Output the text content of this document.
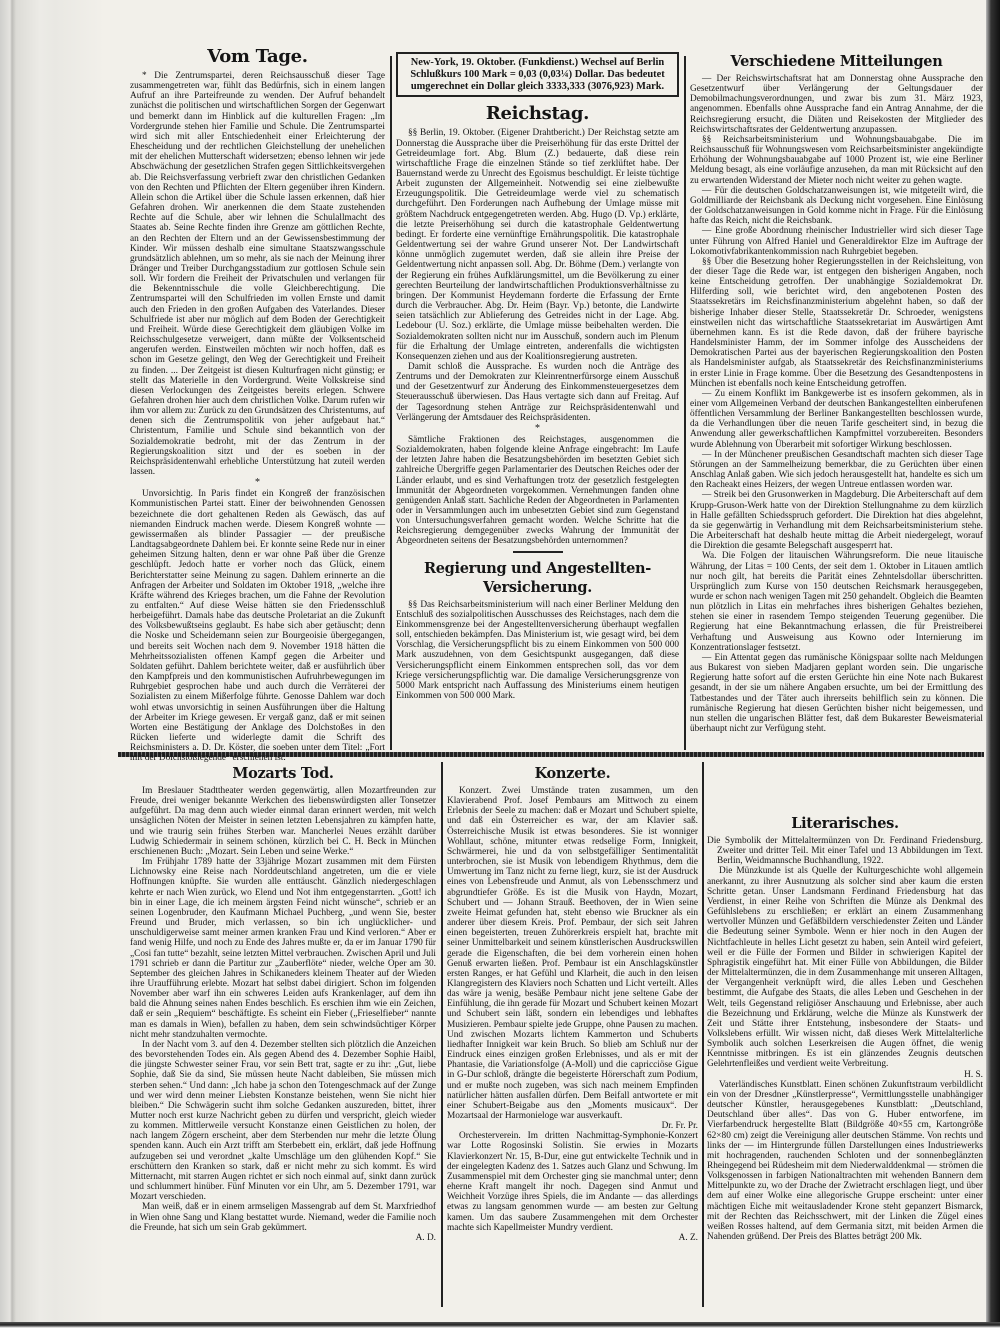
Vom Tage.

* Die Zentrumspartei, deren Reichsausschuß dieser Tage zusammengetreten war, fühlt das Bedürfnis, sich in einem langen Aufruf an ihre Parteifreunde zu wenden. Der Aufruf behandelt zunächst die politischen und wirtschaftlichen Sorgen der Gegenwart und bemerkt dann im Hinblick auf die kulturellen Fragen: „Im Vordergrunde stehen hier Familie und Schule. Die Zentrumspartei wird sich mit aller Entschiedenheit einer Erleichterung der Ehescheidung und der rechtlichen Gleichstellung der unehelichen mit der ehelichen Mutterschaft widersetzen; ebenso lehnen wir jede Abschwächung der gesetzlichen Strafen gegen Sittlichkeitsvergehen ab. Die Reichsverfassung verbrieft zwar den christlichen Gedanken von den Rechten und Pflichten der Eltern gegenüber ihren Kindern. Allein schon die Artikel über die Schule lassen erkennen, daß hier Gefahren drohen. Wir anerkennen die dem Staate zustehenden Rechte auf die Schule, aber wir lehnen die Schulallmacht des Staates ab. Seine Rechte finden ihre Grenze am göttlichen Rechte, an den Rechten der Eltern und an der Gewissensbestimmung der Kinder. Wir müssen deshalb eine simultane Staatszwangsschule grundsätzlich ablehnen, um so mehr, als sie nach der Meinung ihrer Dränger und Treiber Durchgangsstadium zur gottlosen Schule sein soll. Wir fordern die Freiheit der Privatschulen und verlangen für die Bekenntnisschule die volle Gleichberechtigung. Die Zentrumspartei will den Schulfrieden im vollen Ernste und damit auch den Frieden in den großen Aufgaben des Vaterlandes. Dieser Schulfriede ist aber nur möglich auf dem Boden der Gerechtigkeit und Freiheit. Würde diese Gerechtigkeit dem gläubigen Volke im Reichsschulgesetze verweigert, dann müßte der Volksentscheid angerufen werden. Einstweilen möchten wir noch hoffen, daß es schon im Gesetze gelingt, den Weg der Gerechtigkeit und Freiheit zu finden. ... Der Zeitgeist ist diesen Kulturfragen nicht günstig; er stellt das Materielle in den Vordergrund. Weite Volkskreise sind diesen Verlockungen des Zeitgeistes bereits erlegen. Schwere Gefahren drohen hier auch dem christlichen Volke. Darum rufen wir ihm vor allem zu: Zurück zu den Grundsätzen des Christentums, auf denen sich die Zentrumspolitik von jeher aufgebaut hat.“ Christentum, Familie und Schule sind bekanntlich von der Sozialdemokratie bedroht, mit der das Zentrum in der Regierungskoalition sitzt und der es soeben in der Reichspräsidentenwahl erhebliche Unterstützung hat zuteil werden lassen.

*

Unvorsichtig. In Paris findet ein Kongreß der französischen Kommunistischen Partei statt. Einer der beiwohnenden Genossen bezeichnete die dort gehaltenen Reden als Gewäsch, das auf niemanden Eindruck machen werde. Diesem Kongreß wohnte — gewissermaßen als blinder Passagier — der preußische Landtagsabgeordnete Dahlem bei. Er konnte seine Rede nur in einer geheimen Sitzung halten, denn er war ohne Paß über die Grenze geschlüpft. Jedoch hatte er vorher noch das Glück, einem Berichterstatter seine Meinung zu sagen. Dahlem erinnerte an die Anfragen der Arbeiter und Soldaten im Oktober 1918, „welche ihre Kräfte während des Krieges brachen, um die Fahne der Revolution zu entfalten.“ Auf diese Weise hätten sie den Friedensschluß herbeigeführt. Damals habe das deutsche Proletariat an die Zukunft des Volksbewußtseins geglaubt. Es habe sich aber getäuscht; denn die Noske und Scheidemann seien zur Bourgeoisie übergegangen, und bereits seit Wochen nach dem 9. November 1918 hätten die Mehrheitssozialisten offenen Kampf gegen die Arbeiter und Soldaten geführt. Dahlem berichtete weiter, daß er ausführlich über den Kampfpreis und den kommunistischen Aufruhrbewegungen im Ruhrgebiet gesprochen habe und auch durch die Verräterei der Sozialisten zu einem Mißerfolge führte. Genosse Dahlem war doch wohl etwas unvorsichtig in seinen Ausführungen über die Haltung der Arbeiter im Kriege gewesen. Er vergaß ganz, daß er mit seinen Worten eine Bestätigung der Anklage des Dolchstoßes in den Rücken lieferte und widerlegte damit die Schrift des Reichsministers a. D. Dr. Köster, die soeben unter dem Titel: „Fort mit der Dolchstoßlegende“ erschienen ist.

New-York, 19. Oktober. (Funkdienst.) Wechsel auf Berlin Schlußkurs 100 Mark = 0,03 (0,03¼) Dollar. Das bedeutet umgerechnet ein Dollar gleich 3333,333 (3076,923) Mark.
Reichstag.

§§ Berlin, 19. Oktober. (Eigener Drahtbericht.) Der Reichstag setzte am Donnerstag die Aussprache über die Preiserhöhung für das erste Drittel der Getreideumlage fort. Abg. Blum (Z.) bedauerte, daß diese rein wirtschaftliche Frage die einzelnen Stände so tief zerklüftet habe. Der Bauernstand werde zu Unrecht des Egoismus beschuldigt. Er leiste tüchtige Arbeit zugunsten der Allgemeinheit. Notwendig sei eine zielbewußte Erzeugungspolitik. Die Getreideumlage werde viel zu schematisch durchgeführt. Den Forderungen nach Aufhebung der Umlage müsse mit größtem Nachdruck entgegengetreten werden. Abg. Hugo (D. Vp.) erklärte, die letzte Preiserhöhung sei durch die katastrophale Geldentwertung bedingt. Er forderte eine vernünftige Ernährungspolitik. Die katastrophale Geldentwertung sei der wahre Grund unserer Not. Der Landwirtschaft könne unmöglich zugemutet werden, daß sie allein ihre Preise der Geldentwertung nicht anpassen soll. Abg. Dr. Böhme (Dem.) verlangte von der Regierung ein frühes Aufklärungsmittel, um die Bevölkerung zu einer gerechten Beurteilung der landwirtschaftlichen Produktionsverhältnisse zu bringen. Der Kommunist Heydemann forderte die Erfassung der Ernte durch die Verbraucher. Abg. Dr. Heim (Bayr. Vp.) betonte, die Landwirte seien tatsächlich zur Ablieferung des Getreides nicht in der Lage. Abg. Ledebour (U. Soz.) erklärte, die Umlage müsse beibehalten werden. Die Sozialdemokraten sollten nicht nur im Ausschuß, sondern auch im Plenum für die Erhaltung der Umlage eintreten, anderenfalls die wichtigsten Konsequenzen ziehen und aus der Koalitionsregierung austreten.

Damit schloß die Aussprache. Es wurden noch die Anträge des Zentrums und der Demokraten zur Kleinrentnerfürsorge einem Ausschuß und der Gesetzentwurf zur Änderung des Einkommensteuergesetzes dem Steuerausschuß überwiesen. Das Haus vertagte sich dann auf Freitag. Auf der Tagesordnung stehen Anträge zur Reichspräsidentenwahl und Verlängerung der Amtsdauer des Reichspräsidenten.

*

Sämtliche Fraktionen des Reichstages, ausgenommen die Sozialdemokraten, haben folgende kleine Anfrage eingebracht: Im Laufe der letzten Jahre haben die Besatzungsbehörden im besetzten Gebiet sich zahlreiche Übergriffe gegen Parlamentarier des Deutschen Reiches oder der Länder erlaubt, und es sind Verhaftungen trotz der gesetzlich festgelegten Immunität der Abgeordneten vorgekommen. Vernehmungen fanden ohne genügenden Anlaß statt. Sachliche Reden der Abgeordneten in Parlamenten oder in Versammlungen auch im unbesetzten Gebiet sind zum Gegenstand von Untersuchungsverfahren gemacht worden. Welche Schritte hat die Reichsregierung demgegenüber zwecks Wahrung der Immunität der Abgeordneten seitens der Besatzungsbehörden unternommen?

Regierung und Angestellten-Versicherung.

§§ Das Reichsarbeitsministerium will nach einer Berliner Meldung den Entschluß des sozialpolitischen Ausschusses des Reichstages, nach dem die Einkommensgrenze bei der Angestelltenversicherung überhaupt wegfallen soll, entschieden bekämpfen. Das Ministerium ist, wie gesagt wird, bei dem Vorschlag, die Versicherungspflicht bis zu einem Einkommen von 500 000 Mark auszudehnen, von dem Gesichtspunkt ausgegangen, daß diese Versicherungspflicht einem Einkommen entsprechen soll, das vor dem Kriege versicherungspflichtig war. Die damalige Versicherungsgrenze von 5000 Mark entspricht nach Auffassung des Ministeriums einem heutigen Einkommen von 500 000 Mark.

Verschiedene Mitteilungen

— Der Reichswirtschaftsrat hat am Donnerstag ohne Aussprache den Gesetzentwurf über Verlängerung der Geltungsdauer der Demobilmachungsverordnungen, und zwar bis zum 31. März 1923, angenommen. Ebenfalls ohne Aussprache fand ein Antrag Annahme, der die Reichsregierung ersucht, die Diäten und Reisekosten der Mitglieder des Reichswirtschaftsrates der Geldentwertung anzupassen.

§§ Reichsarbeitsministerium und Wohnungsbauabgabe. Die im Reichsausschuß für Wohnungswesen vom Reichsarbeitsminister angekündigte Erhöhung der Wohnungsbauabgabe auf 1000 Prozent ist, wie eine Berliner Meldung besagt, als eine vorläufige anzusehen, da man mit Rücksicht auf den zu erwartenden Widerstand der Mieter noch nicht weiter zu gehen wagte.

— Für die deutschen Goldschatzanweisungen ist, wie mitgeteilt wird, die Goldmilliarde der Reichsbank als Deckung nicht vorgesehen. Eine Einlösung der Goldschatzanweisungen in Gold komme nicht in Frage. Für die Einlösung hafte das Reich, nicht die Reichsbank.

— Eine große Abordnung rheinischer Industrieller wird sich dieser Tage unter Führung von Alfred Haniel und Generaldirektor Elze im Auftrage der Lokomotivfabrikantenkommission nach Ruhrgebiet begeben.

§§ Über die Besetzung hoher Regierungsstellen in der Reichsleitung, von der dieser Tage die Rede war, ist entgegen den bisherigen Angaben, noch keine Entscheidung getroffen. Der unabhängige Sozialdemokrat Dr. Hilferding soll, wie berichtet wird, den angebotenen Posten des Staatssekretärs im Reichsfinanzministerium abgelehnt haben, so daß der bisherige Inhaber dieser Stelle, Staatssekretär Dr. Schroeder, wenigstens einstweilen nicht das wirtschaftliche Staatssekretariat im Auswärtigen Amt übernehmen kann. Es ist die Rede davon, daß der frühere bayrische Handelsminister Hamm, der im Sommer infolge des Ausscheidens der Demokratischen Partei aus der bayerischen Regierungskoalition den Posten als Handelsminister aufgab, als Staatssekretär des Reichsfinanzministeriums in erster Linie in Frage komme. Über die Besetzung des Gesandtenpostens in München ist ebenfalls noch keine Entscheidung getroffen.

— Zu einem Konflikt im Bankgewerbe ist es insofern gekommen, als in einer vom Allgemeinen Verband der deutschen Bankangestellten einberufenen öffentlichen Versammlung der Berliner Bankangestellten beschlossen wurde, da die Verhandlungen über die neuen Tarife gescheitert sind, in bezug die Anwendung aller gewerkschaftlichen Kampfmittel vorzubereiten. Besonders wurde Ablehnung von Überarbeit mit sofortiger Wirkung beschlossen.

— In der Münchener preußischen Gesandtschaft machten sich dieser Tage Störungen an der Sammelheizung bemerkbar, die zu Gerüchten über einen Anschlag Anlaß gaben. Wie sich jedoch herausgestellt hat, handelte es sich um den Racheakt eines Heizers, der wegen Untreue entlassen worden war.

— Streik bei den Grusonwerken in Magdeburg. Die Arbeiterschaft auf dem Krupp-Gruson-Werk hatte von der Direktion Stellungnahme zu dem kürzlich in Halle gefällten Schiedsspruch gefordert. Die Direktion hat dies abgelehnt, da sie gegenwärtig in Verhandlung mit dem Reichsarbeitsministerium stehe. Die Arbeiterschaft hat deshalb heute mittag die Arbeit niedergelegt, worauf die Direktion die gesamte Belegschaft ausgesperrt hat.

Wa. Die Folgen der litauischen Währungsreform. Die neue litauische Währung, der Litas = 100 Cents, der seit dem 1. Oktober in Litauen amtlich nur noch gilt, hat bereits die Parität eines Zehntelsdollar überschritten. Ursprünglich zum Kurse von 150 deutschen Reichsmark herausgegeben, wurde er schon nach wenigen Tagen mit 250 gehandelt. Obgleich die Beamten nun plötzlich in Litas ein mehrfaches ihres bisherigen Gehaltes beziehen, stehen sie einer in rasendem Tempo steigenden Teuerung gegenüber. Die Regierung hat eine Bekanntmachung erlassen, die für Preistreiberei Verhaftung und Ausweisung aus Kowno oder Internierung im Konzentrationslager festsetzt.

— Ein Attentat gegen das rumänische Königspaar sollte nach Meldungen aus Bukarest von sieben Madjaren geplant worden sein. Die ungarische Regierung hatte sofort auf die ersten Gerüchte hin eine Note nach Bukarest gesandt, in der sie um nähere Angaben ersuchte, um bei der Ermittlung des Tatbestandes und der Täter auch ihrerseits behilflich sein zu können. Die rumänische Regierung hat diesen Gerüchten bisher nicht beigemessen, und nun stellen die ungarischen Blätter fest, daß dem Bukarester Beweismaterial überhaupt nicht zur Verfügung steht.

Mozarts Tod.

Im Breslauer Stadttheater werden gegenwärtig, allen Mozartfreunden zur Freude, drei weniger bekannte Werkchen des liebenswürdigsten aller Tonsetzer aufgeführt. Da mag denn auch wieder einmal daran erinnert werden, mit welch unsäglichen Nöten der Meister in seinen letzten Lebensjahren zu kämpfen hatte, und wie traurig sein frühes Sterben war. Mancherlei Neues erzählt darüber Ludwig Schiedermair in seinem schönen, kürzlich bei C. H. Beck in München erschienenen Buch: „Mozart. Sein Leben und seine Werke.“

Im Frühjahr 1789 hatte der 33jährige Mozart zusammen mit dem Fürsten Lichnowsky eine Reise nach Norddeutschland angetreten, um die er viele Hoffnungen knüpfte. Sie wurden alle enttäuscht. Gänzlich niedergeschlagen kehrte er nach Wien zurück, wo Elend und Not ihm entgegenstarrten. „Gott! ich bin in einer Lage, die ich meinem ärgsten Feind nicht wünsche“, schrieb er an seinen Logenbruder, den Kaufmann Michael Puchberg, „und wenn Sie, bester Freund und Bruder, mich verlassen, so bin ich unglücklicher- und unschuldigerweise samt meiner armen kranken Frau und Kind verloren.“ Aber er fand wenig Hilfe, und noch zu Ende des Jahres mußte er, da er im Januar 1790 für „Cosi fan tutte“ bezahlt, seine letzten Mittel verbrauchen. Zwischen April und Juli 1791 schrieb er dann die Partitur zur „Zauberflöte“ nieder, welche Oper am 30. September des gleichen Jahres in Schikaneders kleinem Theater auf der Wieden ihre Uraufführung erlebte. Mozart hat selbst dabei dirigiert. Schon im folgenden November aber warf ihn ein schweres Leiden aufs Krankenlager, auf dem ihn bald die Ahnung seines nahen Endes beschlich. Es erschien ihm wie ein Zeichen, daß er sein „Requiem“ beschäftigte. Es scheint ein Fieber („Frieselfieber“ nannte man es damals in Wien), befallen zu haben, dem sein schwindsüchtiger Körper nicht mehr standzuhalten vermochte.

In der Nacht vom 3. auf den 4. Dezember stellten sich plötzlich die Anzeichen des bevorstehenden Todes ein. Als gegen Abend des 4. Dezember Sophie Haibl, die jüngste Schwester seiner Frau, vor sein Bett trat, sagte er zu ihr: „Gut, liebe Sophie, daß Sie da sind, Sie müssen heute Nacht dableiben, Sie müssen mich sterben sehen.“ Und dann: „Ich habe ja schon den Totengeschmack auf der Zunge und wer wird denn meiner Liebsten Konstanze beistehen, wenn Sie nicht hier bleiben.“ Die Schwägerin sucht ihm solche Gedanken auszureden, bittet, ihrer Mutter noch erst kurze Nachricht geben zu dürfen und verspricht, gleich wieder zu kommen. Mittlerweile versucht Konstanze einen Geistlichen zu holen, der nach langem Zögern erscheint, aber dem Sterbenden nur mehr die letzte Ölung spenden kann. Auch ein Arzt trifft am Sterbebett ein, erklärt, daß jede Hoffnung aufzugeben sei und verordnet „kalte Umschläge um den glühenden Kopf.“ Sie erschüttern den Kranken so stark, daß er nicht mehr zu sich kommt. Es wird Mitternacht, mit starren Augen richtet er sich noch einmal auf, sinkt dann zurück und schlummert hinüber. Fünf Minuten vor ein Uhr, am 5. Dezember 1791, war Mozart verschieden.

Man weiß, daß er in einem armseligen Massengrab auf dem St. Marxfriedhof in Wien ohne Sang und Klang bestattet wurde. Niemand, weder die Familie noch die Freunde, hat sich um sein Grab gekümmert.

A. D.
Konzerte.

Konzert. Zwei Umstände traten zusammen, um den Klavierabend Prof. Josef Pembaurs am Mittwoch zu einem Erlebnis der Seele zu machen: daß er Mozart und Schubert spielte, und daß ein Österreicher es war, der am Klavier saß. Österreichische Musik ist etwas besonderes. Sie ist wonniger Wohllaut, schöne, mitunter etwas redselige Form, Innigkeit, Schwärmerei, hie und da von selbstgefälliger Sentimentalität unterbrochen, sie ist Musik von lebendigem Rhythmus, dem die Umwertung im Tanz nicht zu ferne liegt, kurz, sie ist der Ausdruck eines von Lebensfreude und Anmut, als von Lebensschmerz und abgrundtiefer Größe. Es ist die Musik von Haydn, Mozart, Schubert und — Johann Strauß. Beethoven, der in Wien seine zweite Heimat gefunden hat, steht ebenso wie Bruckner als ein anderer über diesem Kreis. Prof. Pembaur, der sich seit Jahren einen begeisterten, treuen Zuhörerkreis erspielt hat, brachte mit seiner Unmittelbarkeit und seinem künstlerischen Ausdruckswillen gerade die Eigenschaften, die bei dem vorherein einen hohen Genuß erwarten ließen. Prof. Pembaur ist ein Anschlagskünstler ersten Ranges, er hat Gefühl und Klarheit, die auch in den leisen Klangregistern des Klaviers noch Schatten und Licht verteilt. Alles das wäre ja wenig, besäße Pembaur nicht jene seltene Gabe der Einfühlung, die ihn gerade für Mozart und Schubert keinen Mozart und Schubert sein läßt, sondern ein lebendiges und lebhaftes Musizieren. Pembaur spielte jede Gruppe, ohne Pausen zu machen. Und zwischen Mozarts lichtem Kammerton und Schuberts liedhafter Innigkeit war kein Bruch. So blieb am Schluß nur der Eindruck eines einzigen großen Erlebnisses, und als er mit der Phantasie, die Variationsfolge (A-Moll) und die capricciöse Gigue in G-Dur schloß, drängte die begeisterte Hörerschaft zum Podium, und er mußte noch zugeben, was sich nach meinem Empfinden natürlicher hätten ausfallen dürfen. Dem Beifall antwortete er mit einer Schubert-Beigabe aus den „Moments musicaux“. Der Mozartsaal der Harmonieloge war ausverkauft.

Dr. Fr. Pr.

Orchesterverein. Im dritten Nachmittag-Symphonie-Konzert war Lotte Rogosinski Solistin. Sie erwies in Mozarts Klavierkonzert Nr. 15, B-Dur, eine gut entwickelte Technik und in der eingelegten Kadenz des 1. Satzes auch Glanz und Schwung. Im Zusammenspiel mit dem Orchester ging sie manchmal unter; denn eherne Kraft mangelt ihr noch. Dagegen sind Anmut und Weichheit Vorzüge ihres Spiels, die im Andante — das allerdings etwas zu langsam genommen wurde — am besten zur Geltung kamen. Um das saubere Zusammengehen mit dem Orchester machte sich Kapellmeister Mundry verdient.

A. Z.
Literarisches.

Die Symbolik der Mittelaltermünzen von Dr. Ferdinand Friedensburg. Zweiter und dritter Teil. Mit einer Tafel und 13 Abbildungen im Text. Berlin, Weidmannsche Buchhandlung, 1922.

Die Münzkunde ist als Quelle der Kulturgeschichte wohl allgemein anerkannt, zu ihrer Ausnutzung als solcher sind aber kaum die ersten Schritte getan. Unser Landsmann Ferdinand Friedensburg hat das Verdienst, in einer Reihe von Schriften die Münze als Denkmal des Gefühlslebens zu erschließen; er erklärt an einem Zusammenhang wertvoller Münzen und Gefäßbildern verschiedenster Zeiten und Länder die Bedeutung seiner Symbole. Wenn er hier noch in den Augen der Nichtfachleute in helles Licht gesetzt zu haben, sein Anteil wird gefeiert, weil er die Fülle der Formen und Bilder in schwierigen Kapitel der Sphragistik eingeführt hat. Mit einer Fülle von Abbildungen, die Bilder der Mittelaltermünzen, die in dem Zusammenhange mit unseren Alltagen, der Vergangenheit verknüpft wird, die alles Leben und Geschehen bestimmt, die Aufgabe des Staats, die alles Leben und Geschehen in der Welt, teils Gegenstand religiöser Anschauung und Erlebnisse, aber auch die Bezeichnung und Erklärung, welche die Münze als Kunstwerk der Zeit und Stätte ihrer Entstehung, insbesondere der Staats- und Volkslebens erfüllt. Wir wissen nicht, daß dieses Werk Mittelalterliche Symbolik auch solchen Leserkreisen die Augen öffnet, die wenig Kenntnisse mitbringen. Es ist ein glänzendes Zeugnis deutschen Gelehrtenfleißes und verdient weite Verbreitung.

H. S.

Vaterländisches Kunstblatt. Einen schönen Zukunftstraum verbildlicht ein von der Dresdner „Künstlerpresse“, Vermittlungsstelle unabhängiger deutscher Künstler, herausgegebenes Kunstblatt: „Deutschland, Deutschland über alles“. Das von G. Huber entworfene, im Vierfarbendruck hergestellte Blatt (Bildgröße 40×55 cm, Kartongröße 62×80 cm) zeigt die Vereinigung aller deutschen Stämme. Von rechts und links der — im Hintergrunde füllen Darstellungen eines Industriewerks mit hochragenden, rauchenden Schloten und der sonnenbeglänzten Rheingegend bei Rüdesheim mit dem Niederwalddenkmal — strömen die Volksgenossen in farbigen Nationaltrachten mit wehenden Bannern dem Mittelpunkte zu, wo der Drache der Zwietracht erschlagen liegt, und über dem auf einer Wolke eine allegorische Gruppe erscheint: unter einer mächtigen Eiche mit weitausladender Krone steht gepanzert Bismarck, mit der Rechten das Reichsschwert, mit der Linken die Zügel eines weißen Rosses haltend, auf dem Germania sitzt, mit beiden Armen die Nahenden grüßend. Der Preis des Blattes beträgt 200 Mk.
